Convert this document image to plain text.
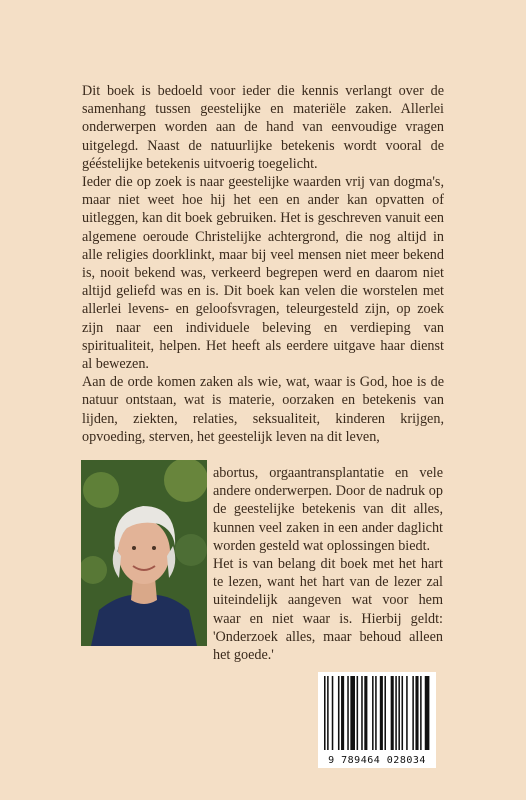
Dit boek is bedoeld voor ieder die kennis verlangt over de samenhang tussen geestelijke en materiële zaken. Allerlei onderwerpen worden aan de hand van eenvoudige vragen uitgelegd. Naast de natuurlijke betekenis wordt vooral de gééstelijke betekenis uitvoerig toegelicht.

Ieder die op zoek is naar geestelijke waarden vrij van dogma's, maar niet weet hoe hij het een en ander kan opvatten of uitleggen, kan dit boek gebruiken. Het is geschreven vanuit een algemene oeroude Christelijke achtergrond, die nog altijd in alle religies doorklinkt, maar bij veel mensen niet meer bekend is, nooit bekend was, verkeerd begrepen werd en daarom niet altijd geliefd was en is. Dit boek kan velen die worstelen met allerlei levens- en geloofsvragen, teleurgesteld zijn, op zoek zijn naar een individuele beleving en verdieping van spiritualiteit, helpen. Het heeft als eerdere uitgave haar dienst al bewezen.

Aan de orde komen zaken als wie, wat, waar is God, hoe is de natuur ontstaan, wat is materie, oorzaken en betekenis van lijden, ziekten, relaties, seksualiteit, kinderen krijgen, opvoeding, sterven, het geestelijk leven na dit leven,

abortus, orgaantransplantatie en vele andere onderwerpen. Door de nadruk op de geestelijke betekenis van dit alles, kunnen veel zaken in een ander daglicht worden gesteld wat oplossingen biedt.

Het is van belang dit boek met het hart te lezen, want het hart van de lezer zal uiteindelijk aangeven wat voor hem waar en niet waar is. Hierbij geldt: 'Onderzoek alles, maar behoud alleen het goede.'

9 789464 028034
